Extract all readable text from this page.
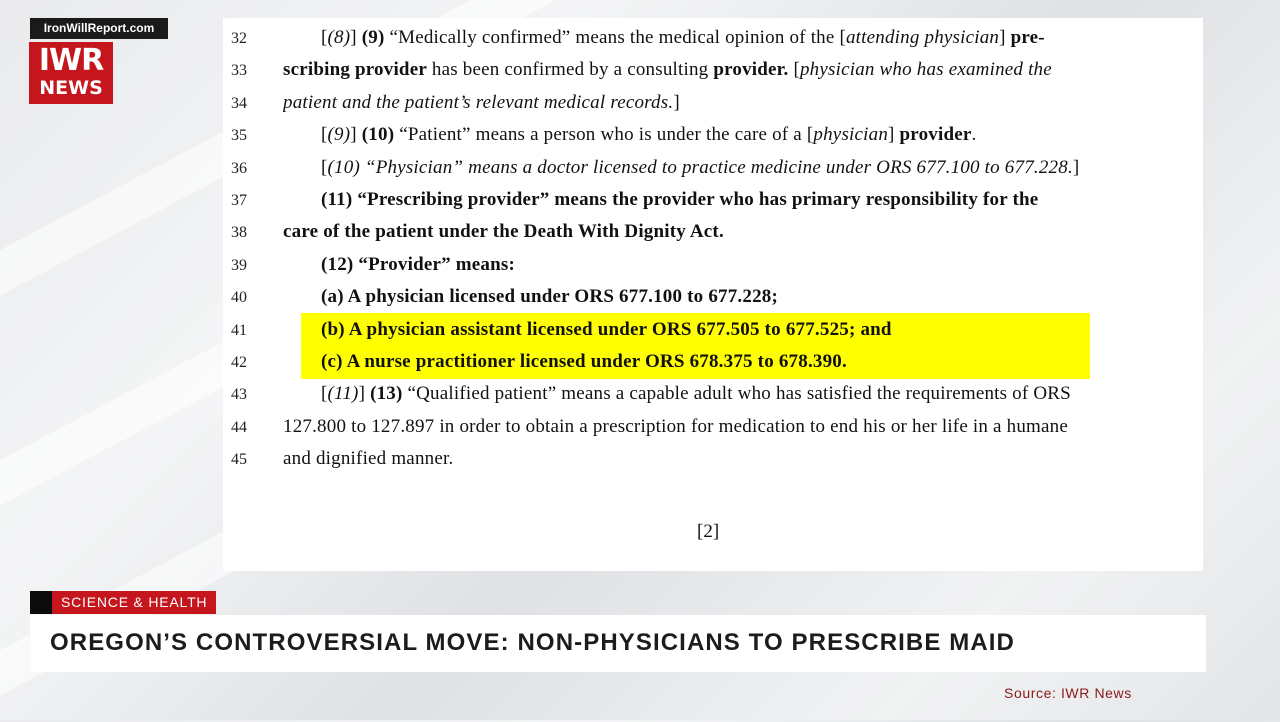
32	[(8)] (9) “Medically confirmed” means the medical opinion of the [attending physician] pre-
33	scribing provider has been confirmed by a consulting provider. [physician who has examined the
34	patient and the patient’s relevant medical records.]
35	[(9)] (10) “Patient” means a person who is under the care of a [physician] provider.
36	[(10) “Physician” means a doctor licensed to practice medicine under ORS 677.100 to 677.228.]
37	(11) “Prescribing provider” means the provider who has primary responsibility for the
38	care of the patient under the Death With Dignity Act.
39	(12) “Provider” means:
40	(a) A physician licensed under ORS 677.100 to 677.228;
41	(b) A physician assistant licensed under ORS 677.505 to 677.525; and
42	(c) A nurse practitioner licensed under ORS 678.375 to 678.390.
43	[(11)] (13) “Qualified patient” means a capable adult who has satisfied the requirements of ORS
44	127.800 to 127.897 in order to obtain a prescription for medication to end his or her life in a humane
45	and dignified manner.
[2]
IronWillReport.com
IWR
NEWS
SCIENCE & HEALTH
OREGON’S CONTROVERSIAL MOVE: NON-PHYSICIANS TO PRESCRIBE MAID
Source: IWR News
